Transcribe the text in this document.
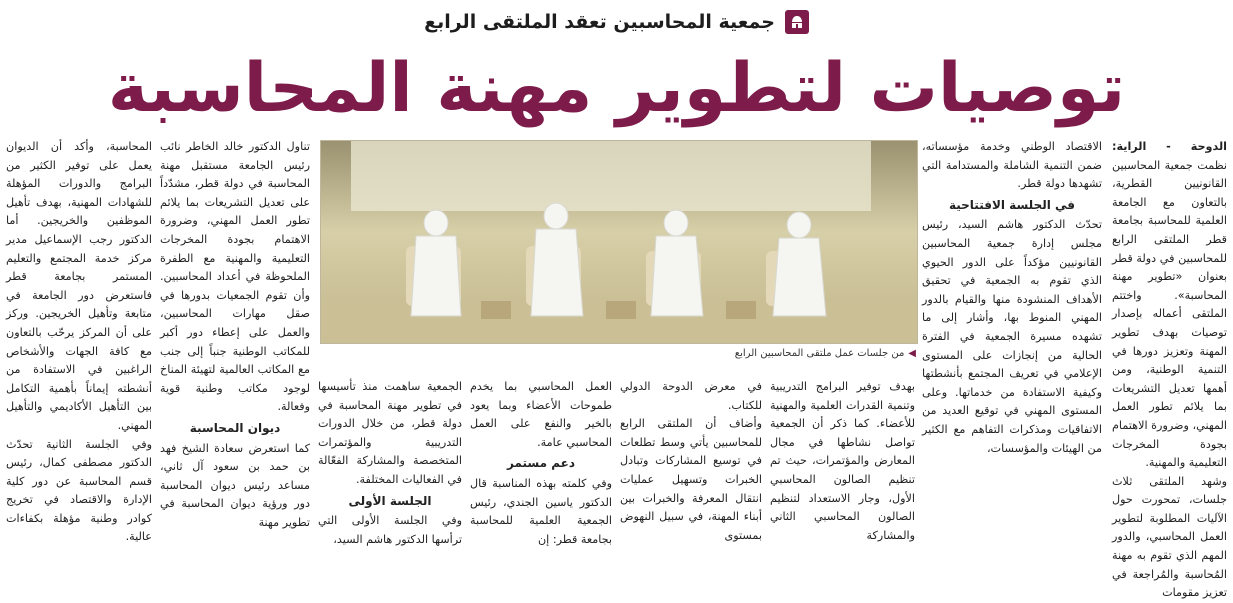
جمعية المحاسبين تعقد الملتقى الرابع
توصيات لتطوير مهنة المحاسبة

الدوحة - الراية: نظمت جمعية المحاسبين القانونيين القطرية، بالتعاون مع الجامعة العلمية للمحاسبة بجامعة قطر الملتقى الرابع للمحاسبين في دولة قطر بعنوان «تطوير مهنة المحاسبة». واختتم الملتقى أعماله بإصدار توصيات بهدف تطوير المهنة وتعزيز دورها في التنمية الوطنية، ومن أهمها تعديل التشريعات بما يلائم تطور العمل المهني، وضرورة الاهتمام بجودة المخرجات التعليمية والمهنية.

وشهد الملتقى ثلاث جلسات، تمحورت حول الآليات المطلوبة لتطوير العمل المحاسبي، والدور المهم الذي تقوم به مهنة المُحاسبة والمُراجعة في تعزيز مقومات

الاقتصاد الوطني وخدمة مؤسساته، ضمن التنمية الشاملة والمستدامة التي تشهدها دولة قطر.

في الجلسة الافتتاحية

تحدّث الدكتور هاشم السيد، رئيس مجلس إدارة جمعية المحاسبين القانونيين مؤكداً على الدور الحيوي الذي تقوم به الجمعية في تحقيق الأهداف المنشودة منها والقيام بالدور المهني المنوط بها، وأشار إلى ما تشهده مسيرة الجمعية في الفترة الحالية من إنجازات على المستوى الإعلامي في تعريف المجتمع بأنشطتها وكيفية الاستفادة من خدماتها. وعلى المستوى المهني في توقيع العديد من الاتفاقيات ومذكرات التفاهم مع الكثير من الهيئات والمؤسسات،

◀
من جلسات عمل ملتقى المحاسبين الرابع

بهدف توفير البرامج التدريبية وتنمية القدرات العلمية والمهنية للأعضاء. كما ذكر أن الجمعية تواصل نشاطها في مجال المعارض والمؤتمرات، حيث تم تنظيم الصالون المحاسبي الأول، وجار الاستعداد لتنظيم الصالون المحاسبي الثاني والمشاركة

في معرض الدوحة الدولي للكتاب.

وأضاف أن الملتقى الرابع للمحاسبين يأتي وسط تطلعات في توسيع المشاركات وتبادل الخبرات وتسهيل عمليات انتقال المعرفة والخبرات بين أبناء المهنة، في سبيل النهوض بمستوى

العمل المحاسبي بما يخدم طموحات الأعضاء وبما يعود بالخير والنفع على العمل المحاسبي عامة.

دعم مستمر

وفي كلمته بهذه المناسبة قال الدكتور ياسين الجندي، رئيس الجمعية العلمية للمحاسبة بجامعة قطر: إن

الجمعية ساهمت منذ تأسيسها في تطوير مهنة المحاسبة في دولة قطر، من خلال الدورات التدريبية والمؤتمرات المتخصصة والمشاركة الفعّالة في الفعاليات المختلفة.

الجلسة الأولى

وفي الجلسة الأولى التي ترأسها الدكتور هاشم السيد،

تناول الدكتور خالد الخاطر نائب رئيس الجامعة مستقبل مهنة المحاسبة في دولة قطر، مشدّداً على تعديل التشريعات بما يلائم تطور العمل المهني، وضرورة الاهتمام بجودة المخرجات التعليمية والمهنية مع الطفرة الملحوظة في أعداد المحاسبين. وأن تقوم الجمعيات بدورها في صقل مهارات المحاسبين، والعمل على إعطاء دور أكبر للمكاتب الوطنية جنباً إلى جنب مع المكاتب العالمية لتهيئة المناخ لوجود مكاتب وطنية قوية وفعالة.

ديوان المحاسبة

كما استعرض سعادة الشيخ فهد بن حمد بن سعود آل ثاني، مساعد رئيس ديوان المحاسبة دور ورؤية ديوان المحاسبة في تطوير مهنة

المحاسبة، وأكد أن الديوان يعمل على توفير الكثير من البرامج والدورات المؤهلة للشهادات المهنية، بهدف تأهيل الموظفين والخريجين. أما الدكتور رجب الإسماعيل مدير مركز خدمة المجتمع والتعليم المستمر بجامعة قطر فاستعرض دور الجامعة في متابعة وتأهيل الخريجين. وركز على أن المركز يرحّب بالتعاون مع كافة الجهات والأشخاص الراغبين في الاستفادة من أنشطته إيماناً بأهمية التكامل بين التأهيل الأكاديمي والتأهيل المهني.

وفي الجلسة الثانية تحدّث الدكتور مصطفى كمال، رئيس قسم المحاسبة عن دور كلية الإدارة والاقتصاد في تخريج كوادر وطنية مؤهلة بكفاءات عالية.
